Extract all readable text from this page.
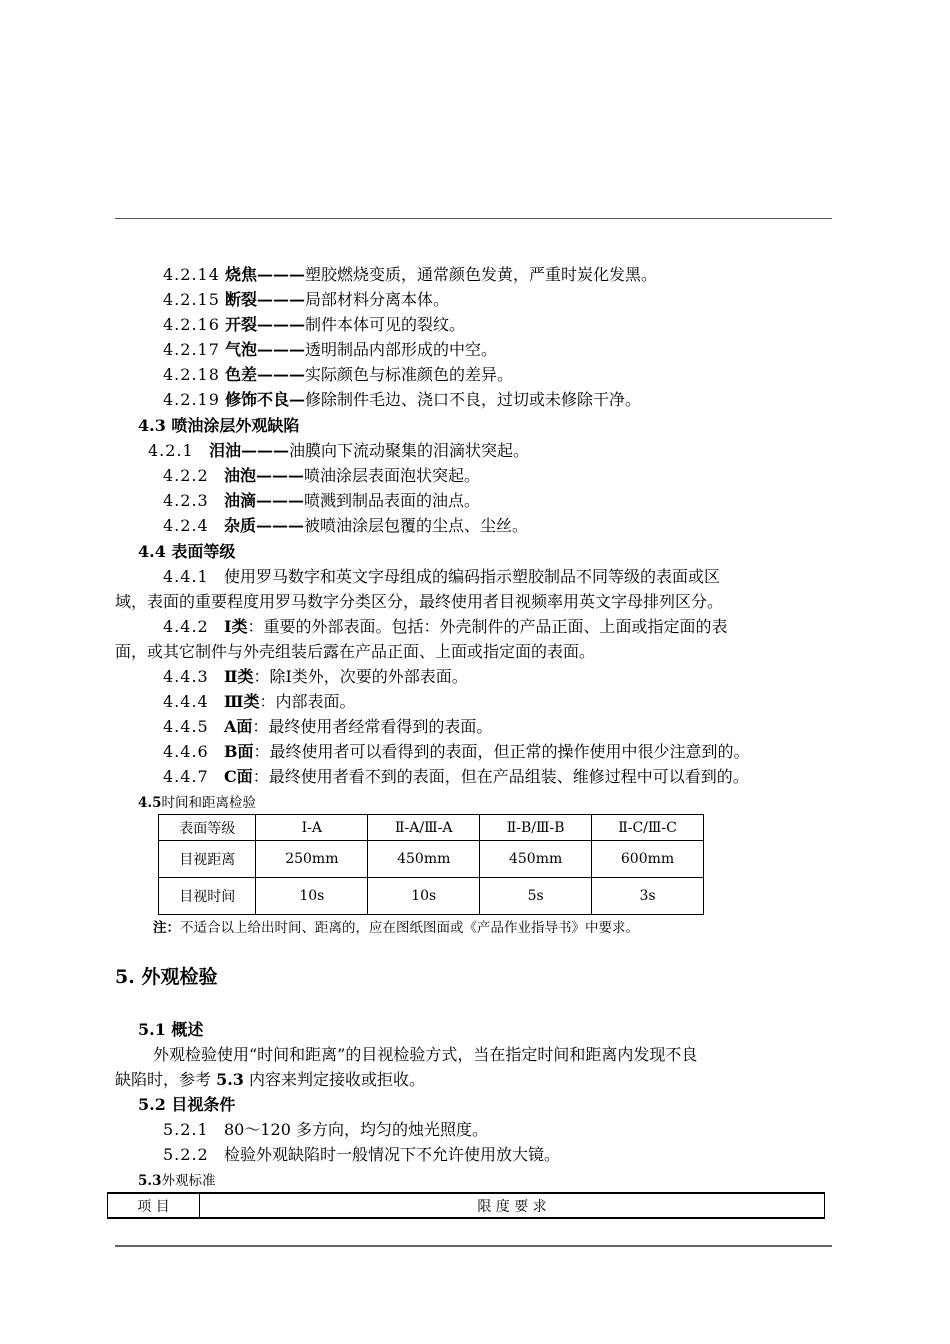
4.2.14 烧焦———塑胶燃烧变质，通常颜色发黄，严重时炭化发黑。
4.2.15 断裂———局部材料分离本体。
4.2.16 开裂———制件本体可见的裂纹。
4.2.17 气泡———透明制品内部形成的中空。
4.2.18 色差———实际颜色与标准颜色的差异。
4.2.19 修饰不良—修除制件毛边、浇口不良，过切或未修除干净。
4.3 喷油涂层外观缺陷
4.2.1 泪油———油膜向下流动聚集的泪滴状突起。
4.2.2 油泡———喷油涂层表面泡状突起。
4.2.3 油滴———喷溅到制品表面的油点。
4.2.4 杂质———被喷油涂层包覆的尘点、尘丝。
4.4 表面等级
4.4.1 使用罗马数字和英文字母组成的编码指示塑胶制品不同等级的表面或区
域，表面的重要程度用罗马数字分类区分，最终使用者目视频率用英文字母排列区分。
4.4.2 Ⅰ类：重要的外部表面。包括：外壳制件的产品正面、上面或指定面的表
面，或其它制件与外壳组装后露在产品正面、上面或指定面的表面。
4.4.3 Ⅱ类：除Ⅰ类外，次要的外部表面。
4.4.4 Ⅲ类：内部表面。
4.4.5 A面：最终使用者经常看得到的表面。
4.4.6 B面：最终使用者可以看得到的表面，但正常的操作使用中很少注意到的。
4.4.7 C面：最终使用者看不到的表面，但在产品组装、维修过程中可以看到的。
4.5时间和距离检验
表面等级	Ⅰ-A	Ⅱ-A/Ⅲ-A	Ⅱ-B/Ⅲ-B	Ⅱ-C/Ⅲ-C
目视距离	250mm	450mm	450mm	600mm
目视时间	10s	10s	5s	3s
注：不适合以上给出时间、距离的，应在图纸图面或《产品作业指导书》中要求。
5. 外观检验
5.1 概述
外观检验使用“时间和距离”的目视检验方式，当在指定时间和距离内发现不良
缺陷时，参考 5.3 内容来判定接收或拒收。
5.2 目视条件
5.2.1 80～120 多方向，均匀的烛光照度。
5.2.2 检验外观缺陷时一般情况下不允许使用放大镜。
5.3外观标准
项 目	限 度 要 求
